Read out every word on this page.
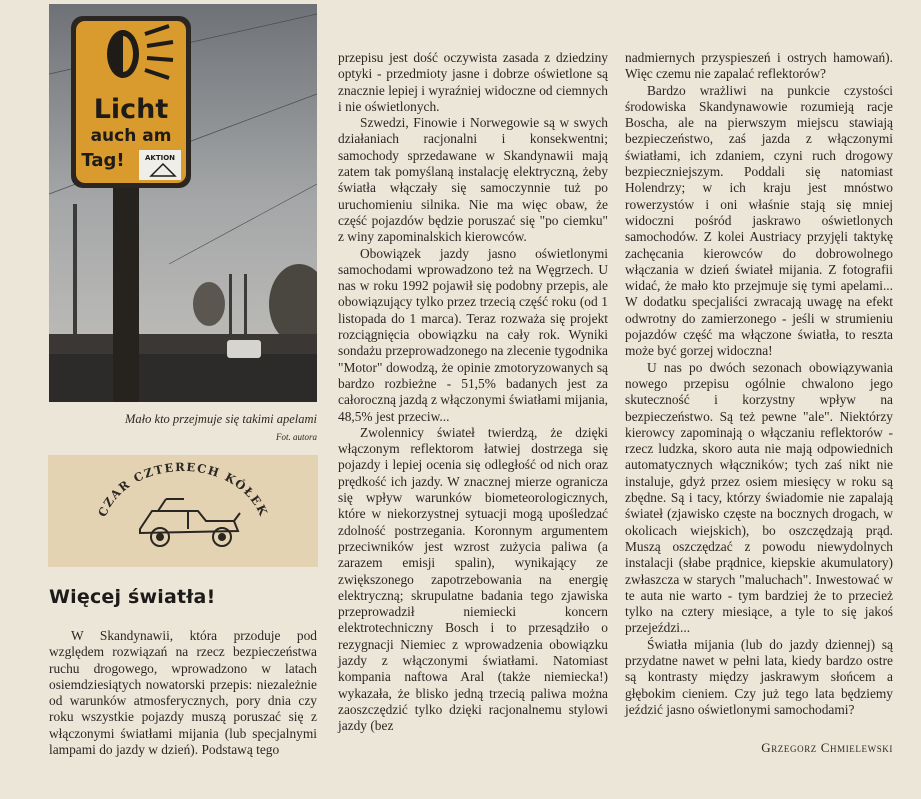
Licht
auch am
Tag!	AKTION
Mało kto przejmuje się takimi apelami
Fot. autora
CZAR CZTERECH KÓŁEK
Więcej światła!

W Skandynawii, która przoduje pod względem rozwiązań na rzecz bezpieczeństwa ruchu drogowego, wprowadzono w latach osiemdziesiątych nowatorski przepis: niezależnie od warunków atmosferycznych, pory dnia czy roku wszystkie pojazdy muszą poruszać się z włączonymi światłami mijania (lub specjalnymi lampami do jazdy w dzień). Podstawą tego

przepisu jest dość oczywista zasada z dziedziny optyki - przedmioty jasne i dobrze oświetlone są znacznie lepiej i wyraźniej widoczne od ciemnych i nie oświetlonych.

Szwedzi, Finowie i Norwegowie są w swych działaniach racjonalni i konsekwentni; samochody sprzedawane w Skandynawii mają zatem tak pomyślaną instalację elektryczną, żeby światła włączały się samoczynnie tuż po uruchomieniu silnika. Nie ma więc obaw, że część pojazdów będzie poruszać się "po ciemku" z winy zapominalskich kierowców.

Obowiązek jazdy jasno oświetlonymi samochodami wprowadzono też na Węgrzech. U nas w roku 1992 pojawił się podobny przepis, ale obowiązujący tylko przez trzecią część roku (od 1 listopada do 1 marca). Teraz rozważa się projekt rozciągnięcia obowiązku na cały rok. Wyniki sondażu przeprowadzonego na zlecenie tygodnika "Motor" dowodzą, że opinie zmotoryzowanych są bardzo rozbieżne - 51,5% badanych jest za całoroczną jazdą z włączonymi światłami mijania, 48,5% jest przeciw...

Zwolennicy świateł twierdzą, że dzięki włączonym reflektorom łatwiej dostrzega się pojazdy i lepiej ocenia się odległość od nich oraz prędkość ich jazdy. W znacznej mierze ogranicza się wpływ warunków biometeorologicznych, które w niekorzystnej sytuacji mogą upośledzać zdolność postrzegania. Koronnym argumentem przeciwników jest wzrost zużycia paliwa (a zarazem emisji spalin), wynikający ze zwiększonego zapotrzebowania na energię elektryczną; skrupulatne badania tego zjawiska przeprowadził niemiecki koncern elektrotechniczny Bosch i to przesądziło o rezygnacji Niemiec z wprowadzenia obowiązku jazdy z włączonymi światłami. Natomiast kompania naftowa Aral (także niemiecka!) wykazała, że blisko jedną trzecią paliwa można zaoszczędzić tylko dzięki racjonalnemu stylowi jazdy (bez

nadmiernych przyspieszeń i ostrych hamowań). Więc czemu nie zapalać reflektorów?

Bardzo wrażliwi na punkcie czystości środowiska Skandynawowie rozumieją racje Boscha, ale na pierwszym miejscu stawiają bezpieczeństwo, zaś jazda z włączonymi światłami, ich zdaniem, czyni ruch drogowy bezpieczniejszym. Poddali się natomiast Holendrzy; w ich kraju jest mnóstwo rowerzystów i oni właśnie stają się mniej widoczni pośród jaskrawo oświetlonych samochodów. Z kolei Austriacy przyjęli taktykę zachęcania kierowców do dobrowolnego włączania w dzień świateł mijania. Z fotografii widać, że mało kto przejmuje się tymi apelami... W dodatku specjaliści zwracają uwagę na efekt odwrotny do zamierzonego - jeśli w strumieniu pojazdów część ma włączone światła, to reszta może być gorzej widoczna!

U nas po dwóch sezonach obowiązywania nowego przepisu ogólnie chwalono jego skuteczność i korzystny wpływ na bezpieczeństwo. Są też pewne "ale". Niektórzy kierowcy zapominają o włączaniu reflektorów - rzecz ludzka, skoro auta nie mają odpowiednich automatycznych włączników; tych zaś nikt nie instaluje, gdyż przez osiem miesięcy w roku są zbędne. Są i tacy, którzy świadomie nie zapalają świateł (zjawisko częste na bocznych drogach, w okolicach wiejskich), bo oszczędzają prąd. Muszą oszczędzać z powodu niewydolnych instalacji (słabe prądnice, kiepskie akumulatory) zwłaszcza w starych "maluchach". Inwestować w te auta nie warto - tym bardziej że to przecież tylko na cztery miesiące, a tyle to się jakoś przejeździ...

Światła mijania (lub do jazdy dziennej) są przydatne nawet w pełni lata, kiedy bardzo ostre są kontrasty między jaskrawym słońcem a głębokim cieniem. Czy już tego lata będziemy jeździć jasno oświetlonymi samochodami?

Grzegorz Chmielewski
